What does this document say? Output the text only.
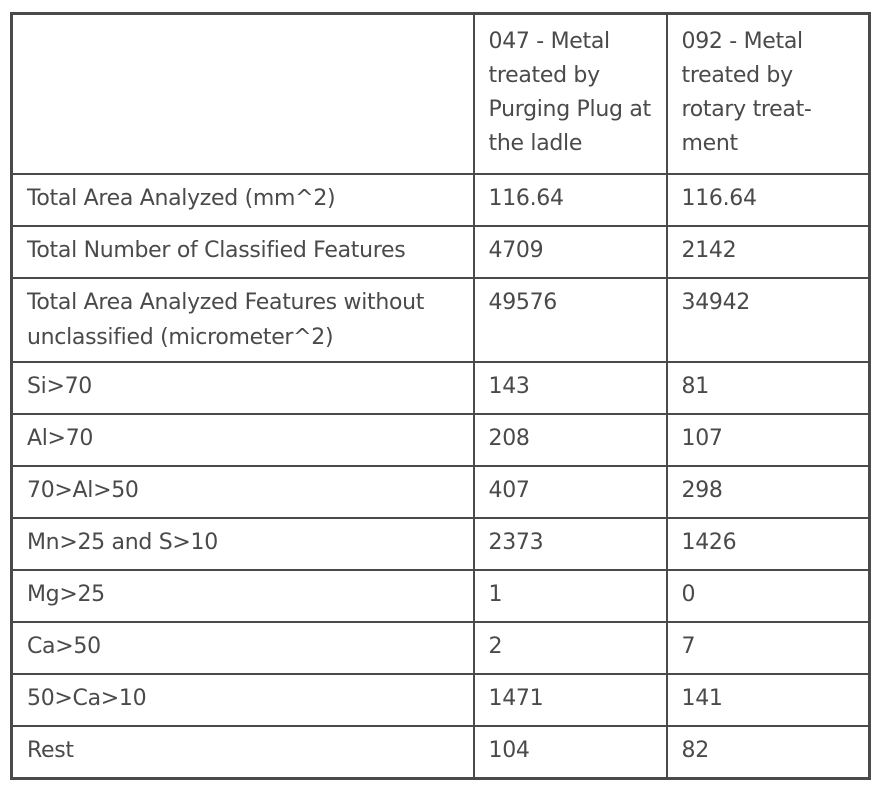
	047 - Metal treated by Purging Plug at the ladle	092 - Metal treated by rotary treat-ment

Total Area Analyzed (mm^2)	116.64	116.64
Total Number of Classified Features	4709	2142
Total Area Analyzed Features without unclassified (micrometer^2)	49576	34942
Si>70	143	81
Al>70	208	107
70>Al>50	407	298
Mn>25 and S>10	2373	1426
Mg>25	1	0
Ca>50	2	7
50>Ca>10	1471	141
Rest	104	82
